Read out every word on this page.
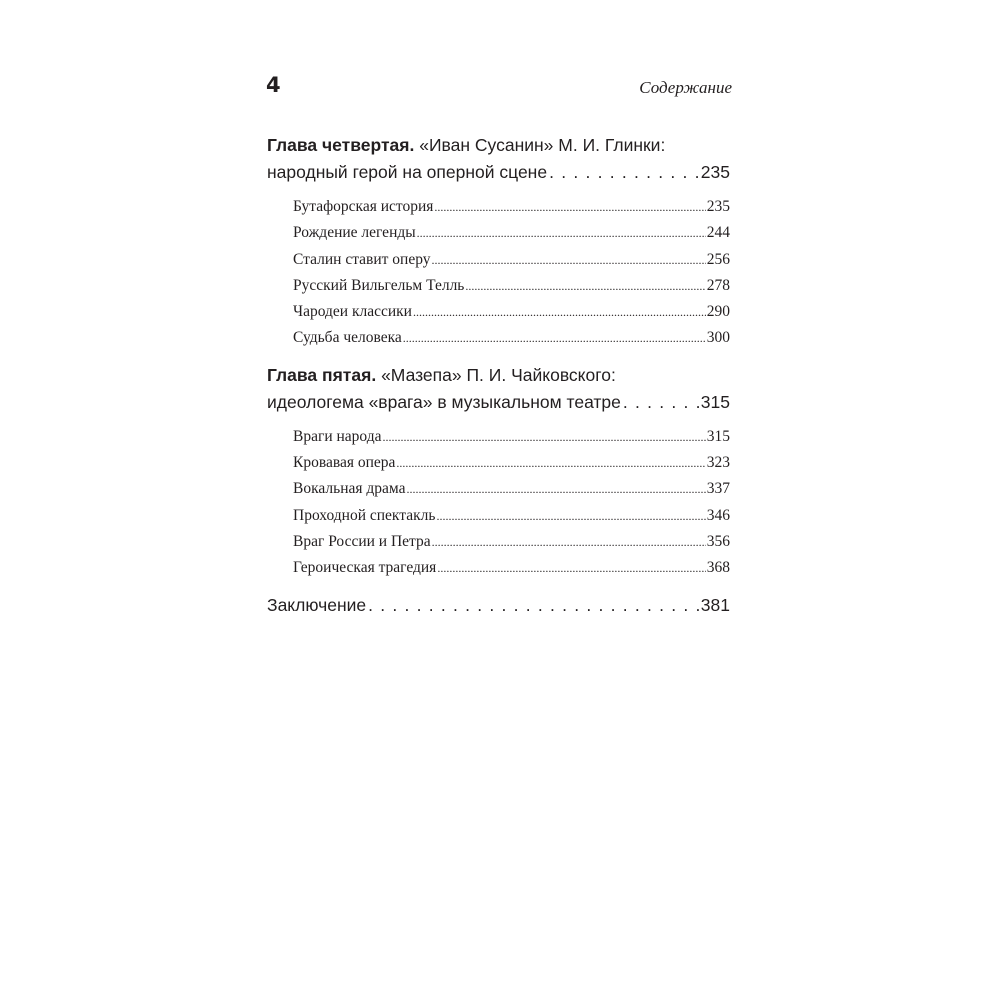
4	Содержание
Глава четвертая. «Иван Сусанин» М. И. Глинки:
народный герой на оперной сцене . . .	235
Бутафорская история .....	235
Рождение легенды .....	244
Сталин ставит оперу .....	256
Русский Вильгельм Телль .....	278
Чародеи классики .....	290
Судьба человека .....	300
Глава пятая. «Мазепа» П. И. Чайковского:
идеологема «врага» в музыкальном театре . . .	315
Враги народа .....	315
Кровавая опера .....	323
Вокальная драма .....	337
Проходной спектакль .....	346
Враг России и Петра .....	356
Героическая трагедия .....	368
Заключение . . .	381
